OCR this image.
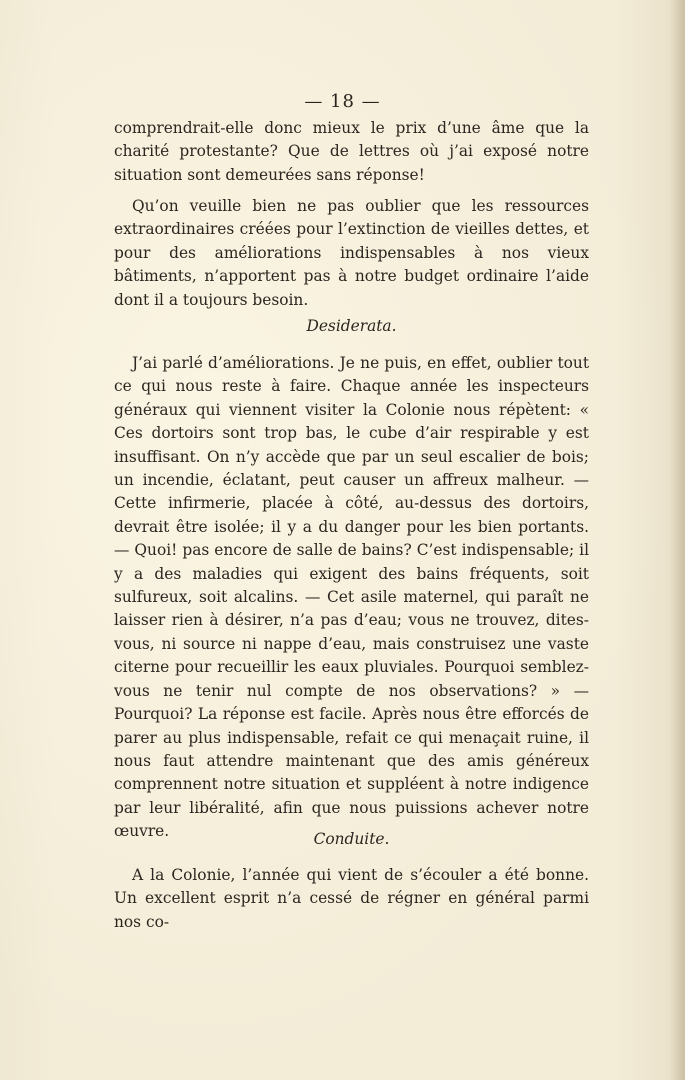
— 18 —

comprendrait-elle donc mieux le prix d’une âme que la charité protestante? Que de lettres où j’ai exposé notre situation sont demeurées sans réponse!

Qu’on veuille bien ne pas oublier que les ressources extraordinaires créées pour l’extinction de vieilles dettes, et pour des améliorations indispensables à nos vieux bâtiments, n’apportent pas à notre budget ordinaire l’aide dont il a toujours besoin.

Desiderata.

J’ai parlé d’améliorations. Je ne puis, en effet, oublier tout ce qui nous reste à faire. Chaque année les inspecteurs généraux qui viennent visiter la Colonie nous répètent: « Ces dortoirs sont trop bas, le cube d’air respirable y est insuffisant. On n’y accède que par un seul escalier de bois; un incendie, éclatant, peut causer un affreux malheur. — Cette infirmerie, placée à côté, au-dessus des dortoirs, devrait être isolée; il y a du danger pour les bien portants. — Quoi! pas encore de salle de bains? C’est indispensable; il y a des maladies qui exigent des bains fréquents, soit sulfureux, soit alcalins. — Cet asile maternel, qui paraît ne laisser rien à désirer, n’a pas d’eau; vous ne trouvez, dites-vous, ni source ni nappe d’eau, mais construisez une vaste citerne pour recueillir les eaux pluviales. Pourquoi semblez-vous ne tenir nul compte de nos observations? » — Pourquoi? La réponse est facile. Après nous être efforcés de parer au plus indispensable, refait ce qui menaçait ruine, il nous faut attendre maintenant que des amis généreux comprennent notre situation et suppléent à notre indigence par leur libéralité, afin que nous puissions achever notre œuvre.	Conduite.

A la Colonie, l’année qui vient de s’écouler a été bonne. Un excellent esprit n’a cessé de régner en général parmi nos co-
